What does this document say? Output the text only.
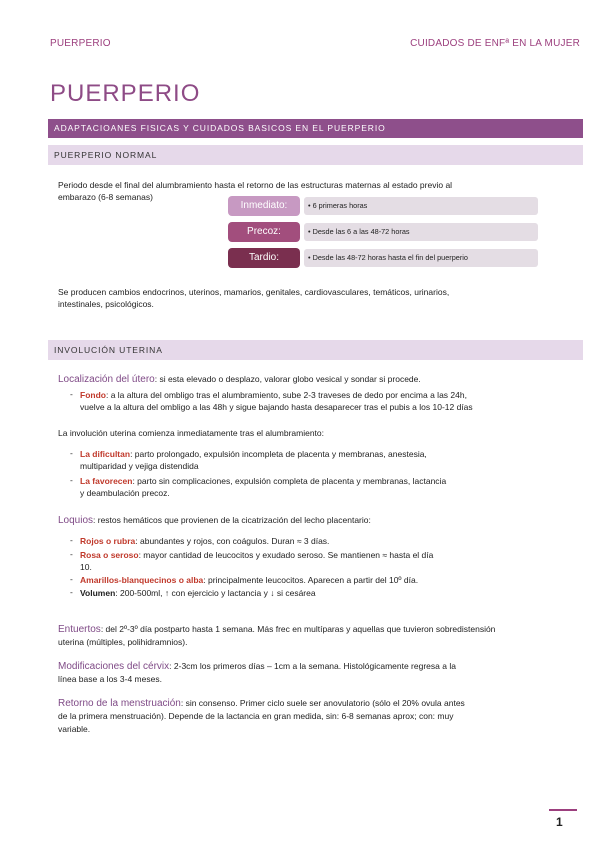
PUERPERIO	CUIDADOS DE ENFª EN LA MUJER
PUERPERIO
ADAPTACIOANES FISICAS Y CUIDADOS BASICOS EN EL PUERPERIO
PUERPERIO NORMAL
Periodo desde el final del alumbramiento hasta el retorno de las estructuras maternas al estado previo al
embarazo (6-8 semanas)
Inmediato:	• 6 primeras horas
Precoz:	• Desde las 6 a las 48-72 horas
Tardio:	• Desde las 48-72 horas hasta el fin del puerperio
Se producen cambios endocrinos, uterinos, mamarios, genitales, cardiovasculares, temáticos, urinarios,
intestinales, psicológicos.
INVOLUCIÓN UTERINA
Localización del útero: si esta elevado o desplazo, valorar globo vesical y sondar si procede.
- Fondo: a la altura del ombligo tras el alumbramiento, sube 2-3 traveses de dedo por encima a las 24h,
vuelve a la altura del ombligo a las 48h y sigue bajando hasta desaparecer tras el pubis a los 10-12 días
La involución uterina comienza inmediatamente tras el alumbramiento:
- La dificultan: parto prolongado, expulsión incompleta de placenta y membranas, anestesia,
multiparidad y vejiga distendida
- La favorecen: parto sin complicaciones, expulsión completa de placenta y membranas, lactancia
y deambulación precoz.
Loquios: restos hemáticos que provienen de la cicatrización del lecho placentario:
- Rojos o rubra: abundantes y rojos, con coágulos. Duran ≈ 3 días.
- Rosa o seroso: mayor cantidad de leucocitos y exudado seroso. Se mantienen ≈ hasta el día
10.
- Amarillos-blanquecinos o alba: principalmente leucocitos. Aparecen a partir del 10º día.
- Volumen: 200-500ml, ↑ con ejercicio y lactancia y ↓ si cesárea
Entuertos: del 2º-3º día postparto hasta 1 semana. Más frec en multíparas y aquellas que tuvieron sobredistensión
uterina (múltiples, polihidramnios).
Modificaciones del cérvix: 2-3cm los primeros días – 1cm a la semana. Histológicamente regresa a la
línea base a los 3-4 meses.
Retorno de la menstruación: sin consenso. Primer ciclo suele ser anovulatorio (sólo el 20% ovula antes
de la primera menstruación). Depende de la lactancia en gran medida, sin: 6-8 semanas aprox; con: muy
variable.
1
